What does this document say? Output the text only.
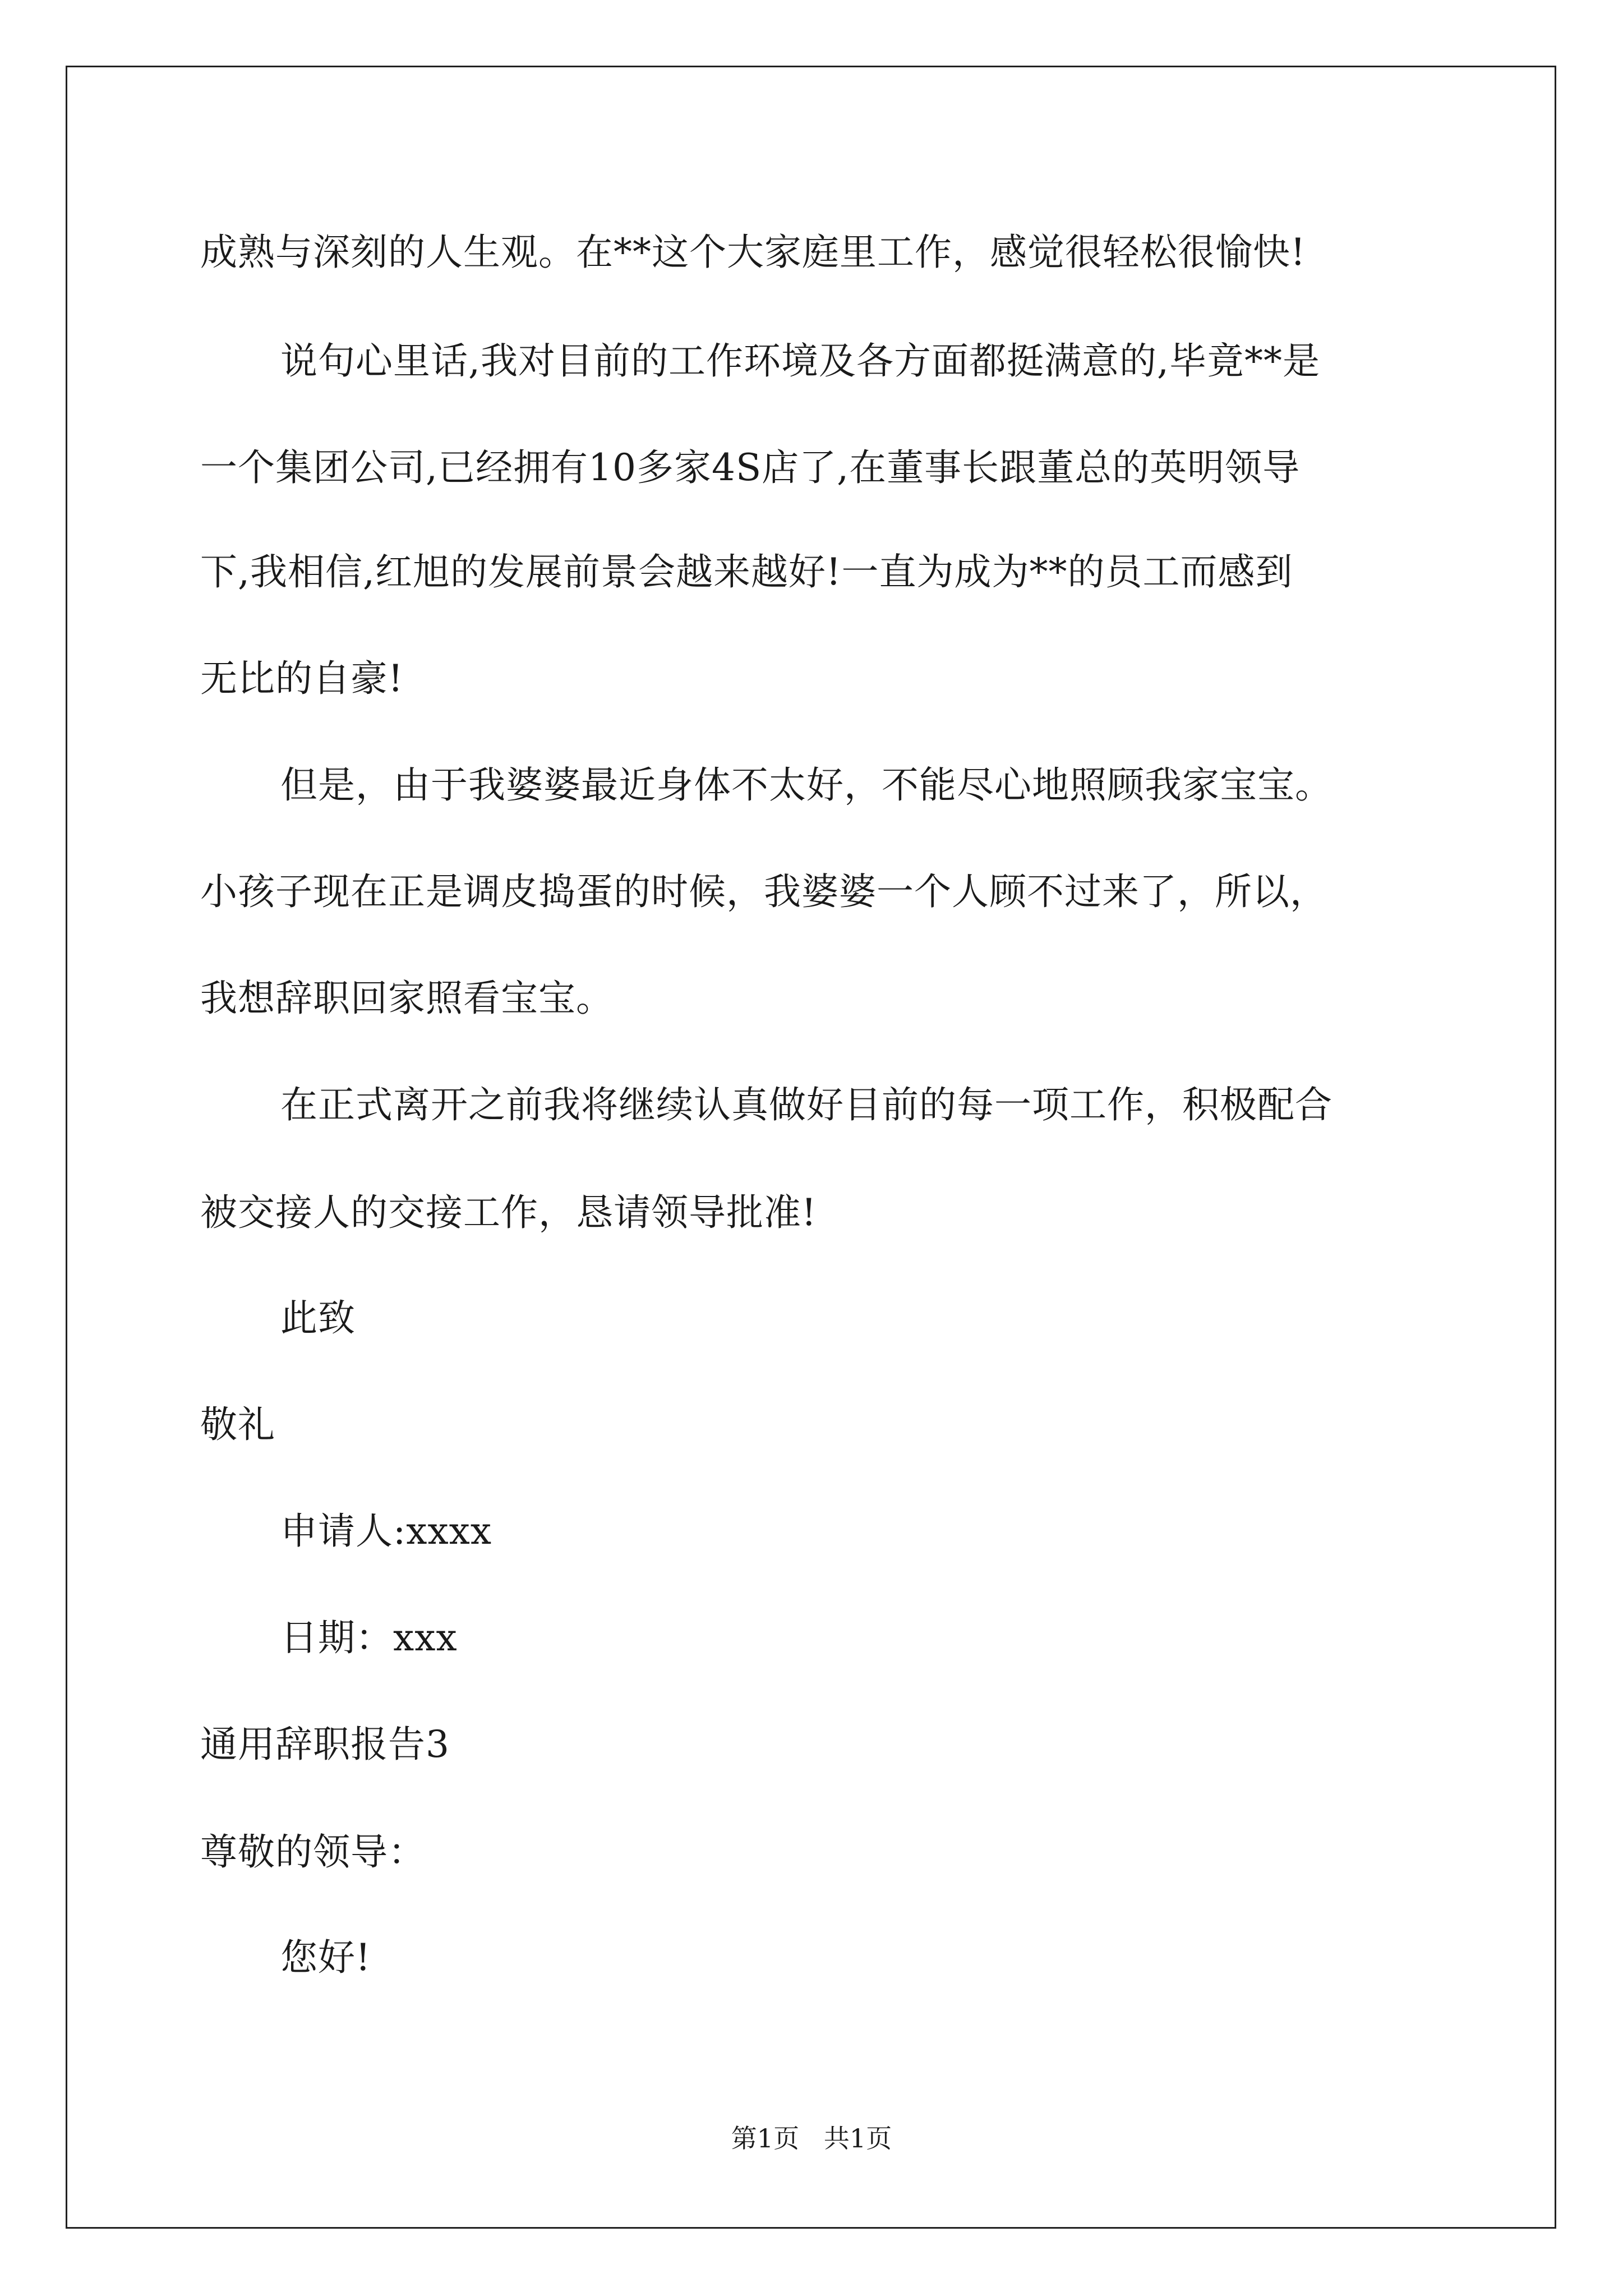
成熟与深刻的人生观。在**这个大家庭里工作，感觉很轻松很愉快!
说句心里话,我对目前的工作环境及各方面都挺满意的,毕竟**是
一个集团公司,已经拥有10多家4S店了,在董事长跟董总的英明领导
下,我相信,红旭的发展前景会越来越好!一直为成为**的员工而感到
无比的自豪!
但是，由于我婆婆最近身体不太好，不能尽心地照顾我家宝宝。
小孩子现在正是调皮捣蛋的时候，我婆婆一个人顾不过来了，所以，
我想辞职回家照看宝宝。
在正式离开之前我将继续认真做好目前的每一项工作，积极配合
被交接人的交接工作，恳请领导批准!
此致
敬礼
申请人:xxxx
日期：xxx
通用辞职报告3
尊敬的领导：
您好!
第1页   共1页
